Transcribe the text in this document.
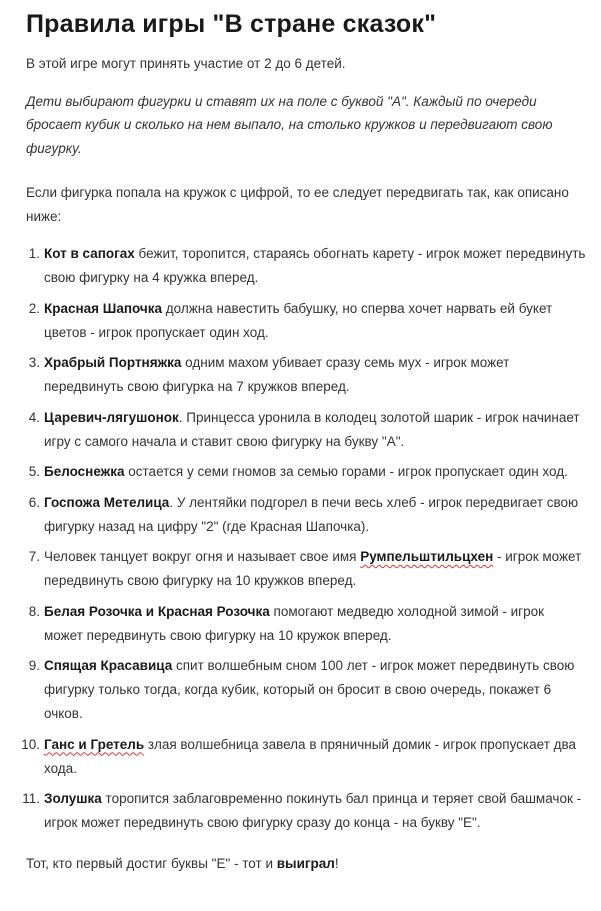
Правила игры "В стране сказок"

В этой игре могут принять участие от 2 до 6 детей.

Дети выбирают фигурки и ставят их на поле с буквой "А". Каждый по очереди бросает кубик и сколько на нем выпало, на столько кружков и передвигают свою фигурку.

Если фигурка попала на кружок с цифрой, то ее следует передвигать так, как описано ниже:

1. Кот в сапогах бежит, торопится, стараясь обогнать карету - игрок может передвинуть свою фигурку на 4 кружка вперед.
2. Красная Шапочка должна навестить бабушку, но сперва хочет нарвать ей букет цветов - игрок пропускает один ход.
3. Храбрый Портняжка одним махом убивает сразу семь мух - игрок может передвинуть свою фигурка на 7 кружков вперед.
4. Царевич-лягушонок. Принцесса уронила в колодец золотой шарик - игрок начинает игру с самого начала и ставит свою фигурку на букву "А".
5. Белоснежка остается у семи гномов за семью горами - игрок пропускает один ход.
6. Госпожа Метелица. У лентяйки подгорел в печи весь хлеб - игрок передвигает свою фигурку назад на цифру "2" (где Красная Шапочка).
7. Человек танцует вокруг огня и называет свое имя Румпельштильцхен - игрок может передвинуть свою фигурку на 10 кружков вперед.
8. Белая Розочка и Красная Розочка помогают медведю холодной зимой - игрок может передвинуть свою фигурку на 10 кружок вперед.
9. Спящая Красавица спит волшебным сном 100 лет - игрок может передвинуть свою фигурку только тогда, когда кубик, который он бросит в свою очередь, покажет 6 очков.
10. Ганс и Гретель злая волшебница завела в пряничный домик - игрок пропускает два хода.
11. Золушка торопится заблаговременно покинуть бал принца и теряет свой башмачок - игрок может передвинуть свою фигурку сразу до конца - на букву "Е".

Тот, кто первый достиг буквы "Е" - тот и выиграл!
